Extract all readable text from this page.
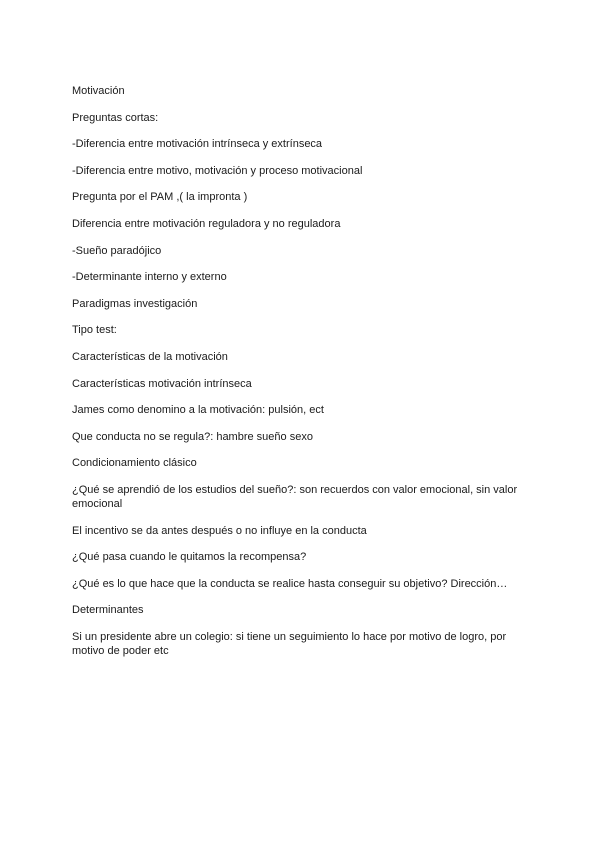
Motivación

Preguntas cortas:

-Diferencia entre motivación intrínseca y extrínseca

-Diferencia entre motivo, motivación y proceso motivacional

Pregunta por el PAM ,( la impronta )

Diferencia entre motivación reguladora y no reguladora

-Sueño paradójico

-Determinante interno y externo

Paradigmas investigación

Tipo test:

Características de la motivación

Características motivación intrínseca

James como denomino a la motivación: pulsión, ect

Que conducta no se regula?: hambre sueño sexo

Condicionamiento clásico

¿Qué se aprendió de los estudios del sueño?: son recuerdos con valor emocional, sin valor emocional

El incentivo se da antes después o no influye en la conducta

¿Qué pasa cuando le quitamos la recompensa?

¿Qué es lo que hace que la conducta se realice hasta conseguir su objetivo? Dirección…

Determinantes

Si un presidente abre un colegio: si tiene un seguimiento lo hace por motivo de logro, por motivo de poder etc
